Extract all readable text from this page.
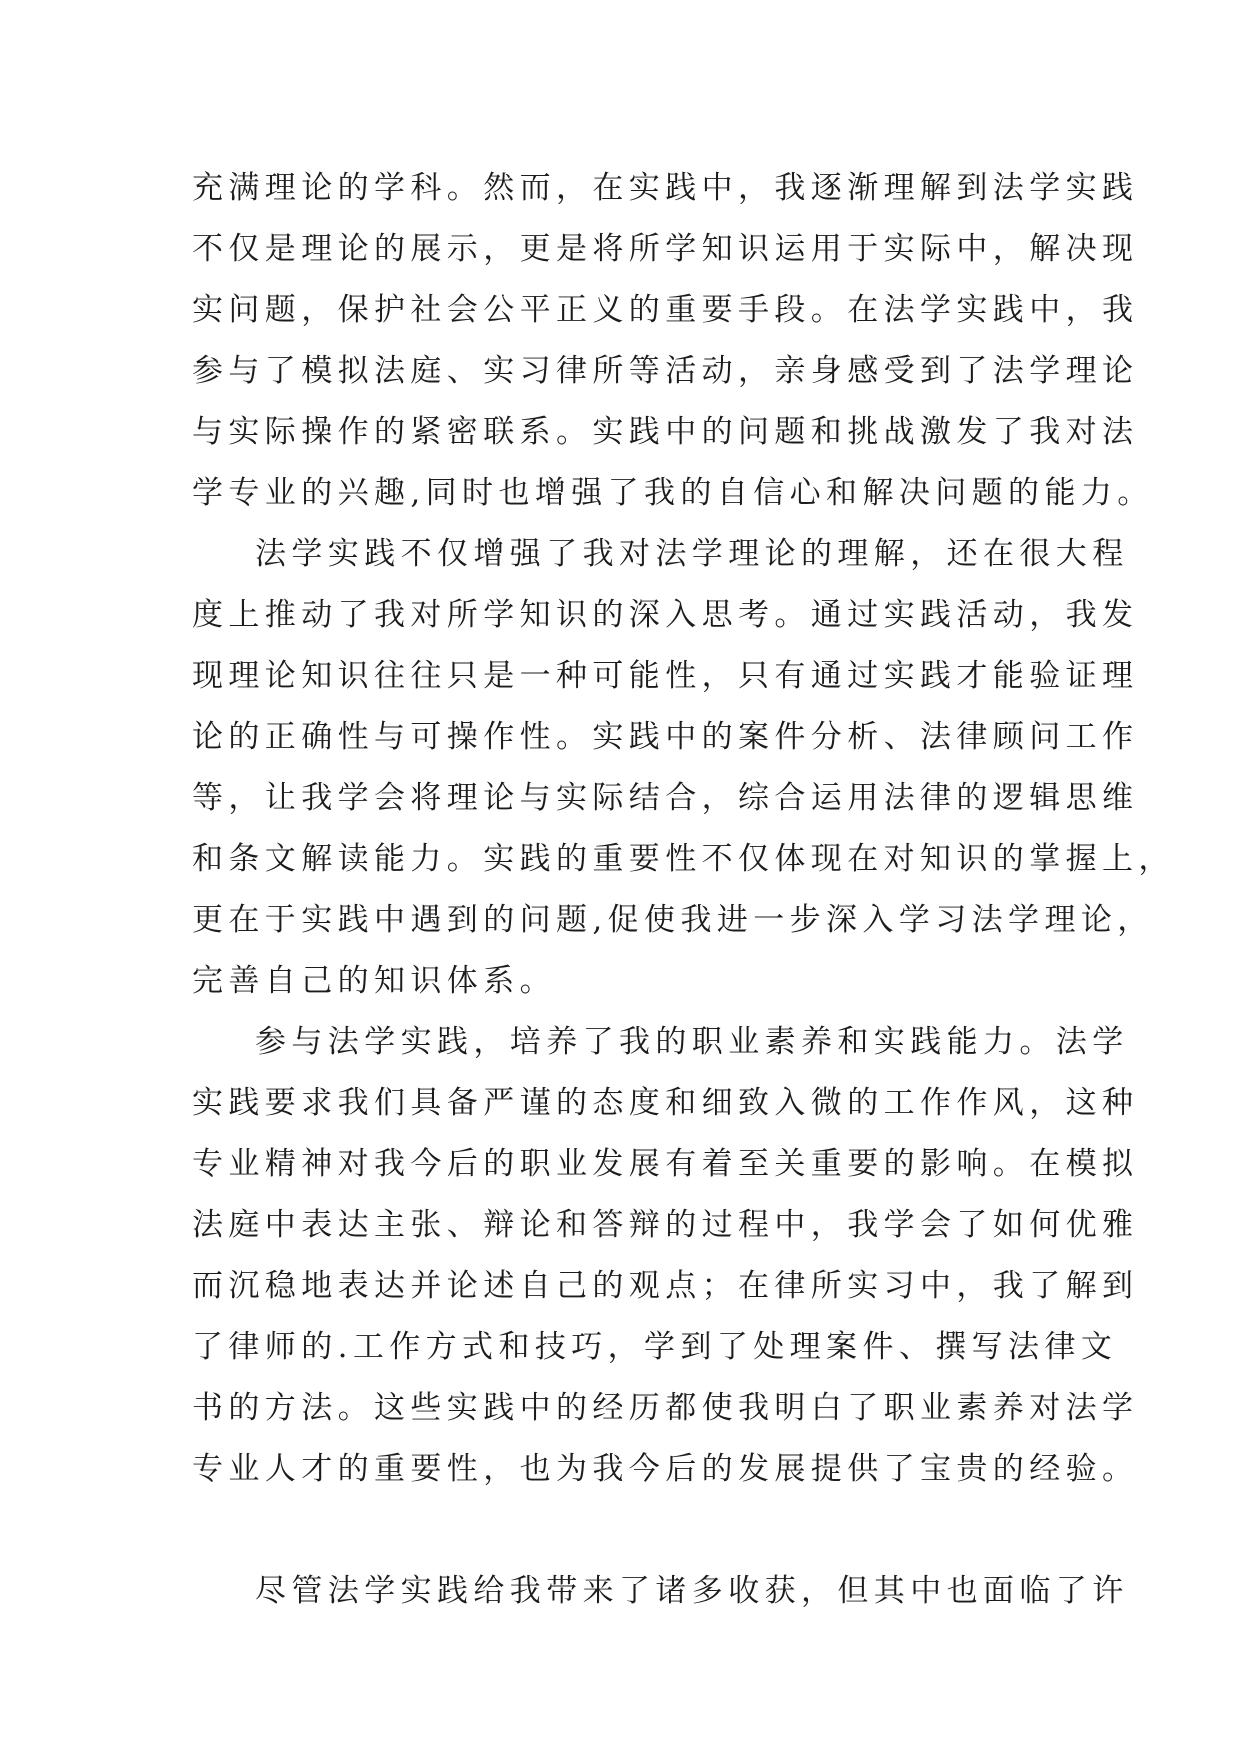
充满理论的学科。然而，在实践中，我逐渐理解到法学实践
不仅是理论的展示，更是将所学知识运用于实际中，解决现
实问题，保护社会公平正义的重要手段。在法学实践中，我
参与了模拟法庭、实习律所等活动，亲身感受到了法学理论
与实际操作的紧密联系。实践中的问题和挑战激发了我对法
学专业的兴趣,同时也增强了我的自信心和解决问题的能力。
法学实践不仅增强了我对法学理论的理解，还在很大程
度上推动了我对所学知识的深入思考。通过实践活动，我发
现理论知识往往只是一种可能性，只有通过实践才能验证理
论的正确性与可操作性。实践中的案件分析、法律顾问工作
等，让我学会将理论与实际结合，综合运用法律的逻辑思维
和条文解读能力。实践的重要性不仅体现在对知识的掌握上，
更在于实践中遇到的问题,促使我进一步深入学习法学理论，
完善自己的知识体系。
参与法学实践，培养了我的职业素养和实践能力。法学
实践要求我们具备严谨的态度和细致入微的工作作风，这种
专业精神对我今后的职业发展有着至关重要的影响。在模拟
法庭中表达主张、辩论和答辩的过程中，我学会了如何优雅
而沉稳地表达并论述自己的观点；在律所实习中，我了解到
了律师的.工作方式和技巧，学到了处理案件、撰写法律文
书的方法。这些实践中的经历都使我明白了职业素养对法学
专业人才的重要性，也为我今后的发展提供了宝贵的经验。
尽管法学实践给我带来了诸多收获，但其中也面临了许
